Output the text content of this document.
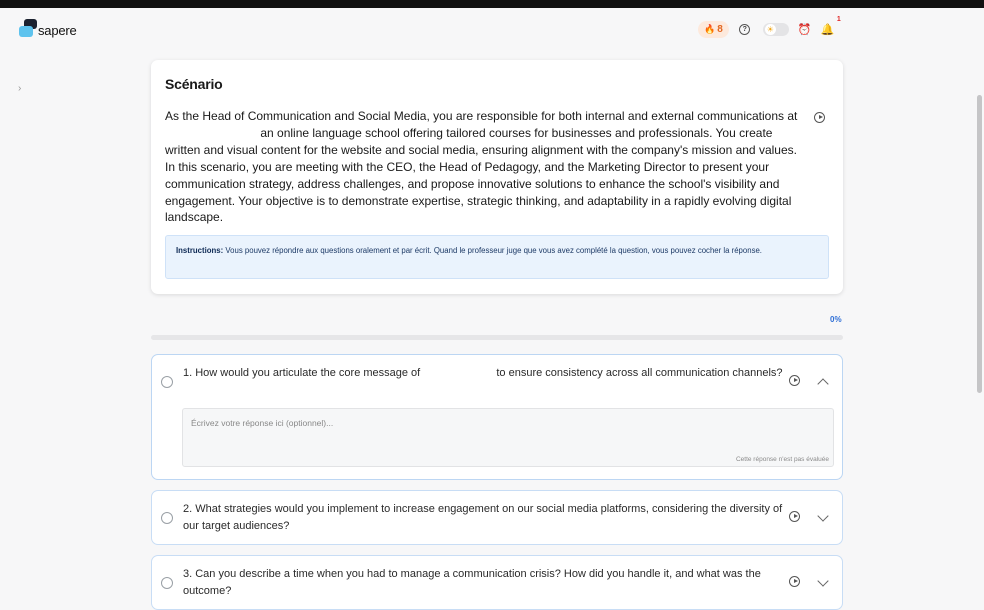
sapere	🔥 8	?	☀ ⏰ 🔔
1
›	Scénario
As the Head of Communication and Social Media, you are responsible for both internal and external communications at  an online language school offering tailored courses for businesses and professionals. You create written and visual content for the website and social media, ensuring alignment with the company's mission and values. In this scenario, you are meeting with the CEO, the Head of Pedagogy, and the Marketing Director to present your communication strategy, address challenges, and propose innovative solutions to enhance the school's visibility and engagement. Your objective is to demonstrate expertise, strategic thinking, and adaptability in a rapidly evolving digital landscape.
Instructions: Vous pouvez répondre aux questions oralement et par écrit. Quand le professeur juge que vous avez complété la question, vous pouvez cocher la réponse.
0%
1. How would you articulate the core message of	to ensure consistency across all communication channels?
Écrivez votre réponse ici (optionnel)...
Cette réponse n'est pas évaluée
2. What strategies would you implement to increase engagement on our social media platforms, considering the diversity of our target audiences?
3. Can you describe a time when you had to manage a communication crisis? How did you handle it, and what was the outcome?
